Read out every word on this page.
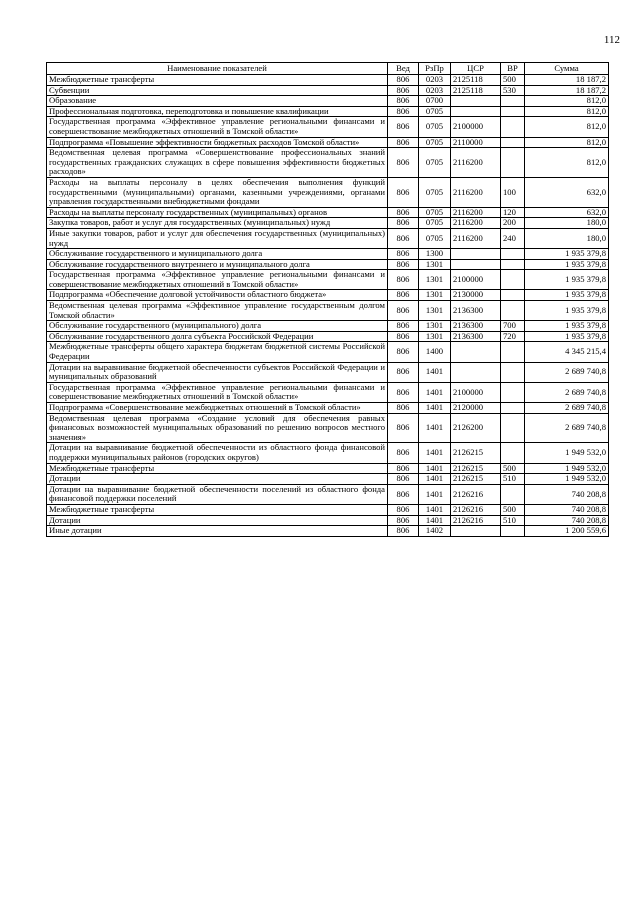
112
Наименование показателей	Вед	РзПр	ЦСР	ВР	Сумма
Межбюджетные трансферты	806	0203	2125118	500	18 187,2
Субвенции	806	0203	2125118	530	18 187,2
Образование	806	0700			812,0
Профессиональная подготовка, переподготовка и повышение квалификации	806	0705			812,0
Государственная программа «Эффективное управление региональными финансами и совершенствование межбюджетных отношений в Томской области»	806	0705	2100000		812,0
Подпрограмма «Повышение эффективности бюджетных расходов Томской области»	806	0705	2110000		812,0
Ведомственная целевая программа «Совершенствование профессиональных знаний государственных гражданских служащих в сфере повышения эффективности бюджетных расходов»	806	0705	2116200		812,0
Расходы на выплаты персоналу в целях обеспечения выполнения функций государственными (муниципальными) органами, казенными учреждениями, органами управления государственными внебюджетными фондами	806	0705	2116200	100	632,0
Расходы на выплаты персоналу государственных (муниципальных) органов	806	0705	2116200	120	632,0
Закупка товаров, работ и услуг для государственных (муниципальных) нужд	806	0705	2116200	200	180,0
Иные закупки товаров, работ и услуг для обеспечения государственных (муниципальных) нужд	806	0705	2116200	240	180,0
Обслуживание государственного и муниципального долга	806	1300			1 935 379,8
Обслуживание государственного внутреннего и муниципального долга	806	1301			1 935 379,8
Государственная программа «Эффективное управление региональными финансами и совершенствование межбюджетных отношений в Томской области»	806	1301	2100000		1 935 379,8
Подпрограмма «Обеспечение долговой устойчивости областного бюджета»	806	1301	2130000		1 935 379,8
Ведомственная целевая программа «Эффективное управление государственным долгом Томской области»	806	1301	2136300		1 935 379,8
Обслуживание государственного (муниципального) долга	806	1301	2136300	700	1 935 379,8
Обслуживание государственного долга субъекта Российской Федерации	806	1301	2136300	720	1 935 379,8
Межбюджетные трансферты общего характера бюджетам бюджетной системы Российской Федерации	806	1400			4 345 215,4
Дотации на выравнивание бюджетной обеспеченности субъектов Российской Федерации и муниципальных образований	806	1401			2 689 740,8
Государственная программа «Эффективное управление региональными финансами и совершенствование межбюджетных отношений в Томской области»	806	1401	2100000		2 689 740,8
Подпрограмма «Совершенствование межбюджетных отношений в Томской области»	806	1401	2120000		2 689 740,8
Ведомственная целевая программа «Создание условий для обеспечения равных финансовых возможностей муниципальных образований по решению вопросов местного значения»	806	1401	2126200		2 689 740,8
Дотации на выравнивание бюджетной обеспеченности из областного фонда финансовой поддержки муниципальных районов (городских округов)	806	1401	2126215		1 949 532,0
Межбюджетные трансферты	806	1401	2126215	500	1 949 532,0
Дотации	806	1401	2126215	510	1 949 532,0
Дотации на выравнивание бюджетной обеспеченности поселений из областного фонда финансовой поддержки поселений	806	1401	2126216		740 208,8
Межбюджетные трансферты	806	1401	2126216	500	740 208,8
Дотации	806	1401	2126216	510	740 208,8
Иные дотации	806	1402			1 200 559,6
